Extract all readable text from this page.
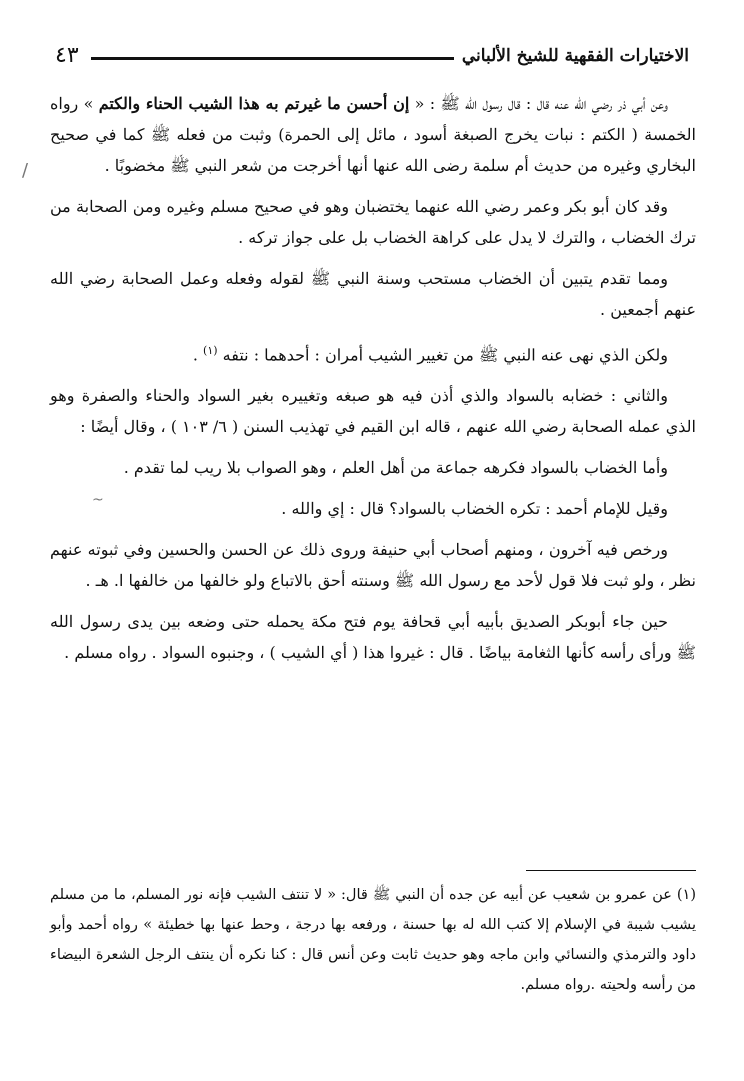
الاختيارات الفقهية للشيخ الألباني
٤٣

وعن أبي ذر رضي الله عنه قال : قال رسول الله ﷺ : « إن أحسن ما غيرتم به هذا الشيب الحناء والكتم » رواه الخمسة ( الكتم : نبات يخرج الصبغة أسود ، مائل إلى الحمرة) وثبت من فعله ﷺ كما في صحيح البخاري وغيره من حديث أم سلمة رضى الله عنها أنها أخرجت من شعر النبي ﷺ مخضوبًا .

وقد كان أبو بكر وعمر رضي الله عنهما يختضبان وهو في صحيح مسلم وغيره ومن الصحابة من ترك الخضاب ، والترك لا يدل على كراهة الخضاب بل على جواز تركه .

ومما تقدم يتبين أن الخضاب مستحب وسنة النبي ﷺ لقوله وفعله وعمل الصحابة رضي الله عنهم أجمعين .

ولكن الذي نهى عنه النبي ﷺ من تغيير الشيب أمران : أحدهما : نتفه $^{(١)}$ .

والثاني : خضابه بالسواد والذي أذن فيه هو صبغه وتغييره بغير السواد والحناء والصفرة وهو الذي عمله الصحابة رضي الله عنهم ، قاله ابن القيم في تهذيب السنن ( ٦/ ١٠٣ ) ، وقال أيضًا :

وأما الخضاب بالسواد فكرهه جماعة من أهل العلم ، وهو الصواب بلا ريب لما تقدم .

وقيل للإمام أحمد : تكره الخضاب بالسواد؟ قال : إي والله .

ورخص فيه آخرون ، ومنهم أصحاب أبي حنيفة وروى ذلك عن الحسن والحسين وفي ثبوته عنهم نظر ، ولو ثبت فلا قول لأحد مع رسول الله ﷺ وسنته أحق بالاتباع ولو خالفها من خالفها ا. هـ .

حين جاء أبوبكر الصديق بأبيه أبي قحافة يوم فتح مكة يحمله حتى وضعه بين يدى رسول الله ﷺ ورأى رأسه كأنها الثغامة بياضًا . قال : غيروا هذا ( أي الشيب ) ، وجنبوه السواد . رواه مسلم .

(١) عن عمرو بن شعيب عن أبيه عن جده أن النبي ﷺ قال: « لا تنتف الشيب فإنه نور المسلم، ما من مسلم يشيب شيبة في الإسلام إلا كتب الله له بها حسنة ، ورفعه بها درجة ، وحط عنها بها خطيئة » رواه أحمد وأبو داود والترمذي والنسائي وابن ماجه وهو حديث ثابت وعن أنس قال : كنا نكره أن ينتف الرجل الشعرة البيضاء من رأسه ولحيته .رواه مسلم.

/
~
